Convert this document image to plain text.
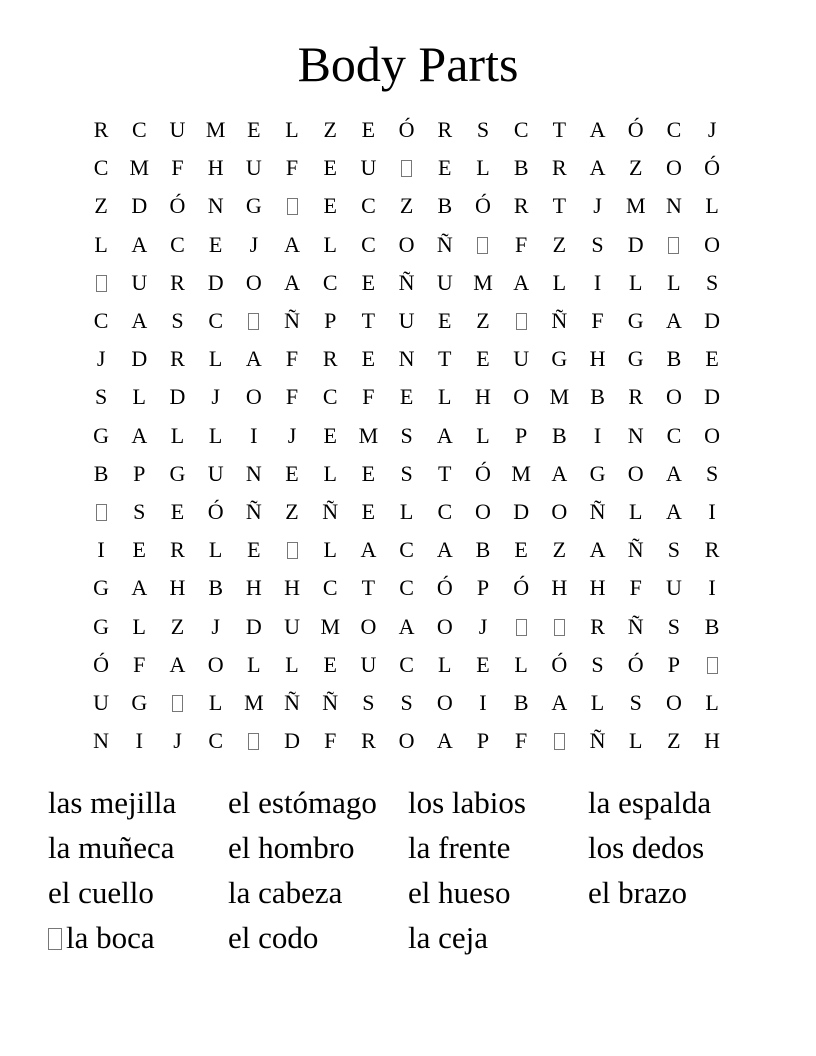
Body Parts
R	C	U	M	E	L	Z	E	Ó	R	S	C	T	A	Ó	C	J
C	M	F	H	U	F	E	U		E	L	B	R	A	Z	O	Ó
Z	D	Ó	N	G		E	C	Z	B	Ó	R	T	J	M	N	L
L	A	C	E	J	A	L	C	O	Ñ		F	Z	S	D		O
	U	R	D	O	A	C	E	Ñ	U	M	A	L	I	L	L	S
C	A	S	C		Ñ	P	T	U	E	Z		Ñ	F	G	A	D
J	D	R	L	A	F	R	E	N	T	E	U	G	H	G	B	E
S	L	D	J	O	F	C	F	E	L	H	O	M	B	R	O	D
G	A	L	L	I	J	E	M	S	A	L	P	B	I	N	C	O
B	P	G	U	N	E	L	E	S	T	Ó	M	A	G	O	A	S
	S	E	Ó	Ñ	Z	Ñ	E	L	C	O	D	O	Ñ	L	A	I
I	E	R	L	E		L	A	C	A	B	E	Z	A	Ñ	S	R
G	A	H	B	H	H	C	T	C	Ó	P	Ó	H	H	F	U	I
G	L	Z	J	D	U	M	O	A	O	J			R	Ñ	S	B
Ó	F	A	O	L	L	E	U	C	L	E	L	Ó	S	Ó	P	
U	G		L	M	Ñ	Ñ	S	S	O	I	B	A	L	S	O	L
N	I	J	C		D	F	R	O	A	P	F		Ñ	L	Z	H
las mejilla	el estómago	los labios	la espalda
la muñeca	el hombro	la frente	los dedos
el cuello	la cabeza	el hueso	el brazo
la boca	el codo	la ceja
